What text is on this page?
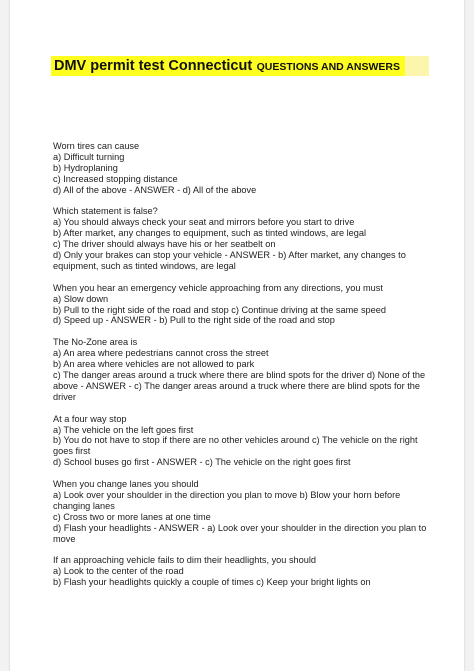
DMV permit test Connecticut QUESTIONS AND ANSWERS
Worn tires can cause
a) Difficult turning
b) Hydroplaning
c) Increased stopping distance
d) All of the above - ANSWER - d) All of the above
Which statement is false?
a) You should always check your seat and mirrors before you start to drive
b) After market, any changes to equipment, such as tinted windows, are legal
c) The driver should always have his or her seatbelt on
d) Only your brakes can stop your vehicle - ANSWER - b) After market, any changes to equipment, such as tinted windows, are legal
When you hear an emergency vehicle approaching from any directions, you must
a) Slow down
b) Pull to the right side of the road and stop c) Continue driving at the same speed
d) Speed up - ANSWER - b) Pull to the right side of the road and stop
The No-Zone area is
a) An area where pedestrians cannot cross the street
b) An area where vehicles are not allowed to park
c) The danger areas around a truck where there are blind spots for the driver d) None of the above - ANSWER - c) The danger areas around a truck where there are blind spots for the driver
At a four way stop
a) The vehicle on the left goes first
b) You do not have to stop if there are no other vehicles around c) The vehicle on the right goes first
d) School buses go first - ANSWER - c) The vehicle on the right goes first
When you change lanes you should
a) Look over your shoulder in the direction you plan to move b) Blow your horn before changing lanes
c) Cross two or more lanes at one time
d) Flash your headlights - ANSWER - a) Look over your shoulder in the direction you plan to move
If an approaching vehicle fails to dim their headlights, you should
a) Look to the center of the road
b) Flash your headlights quickly a couple of times c) Keep your bright lights on
